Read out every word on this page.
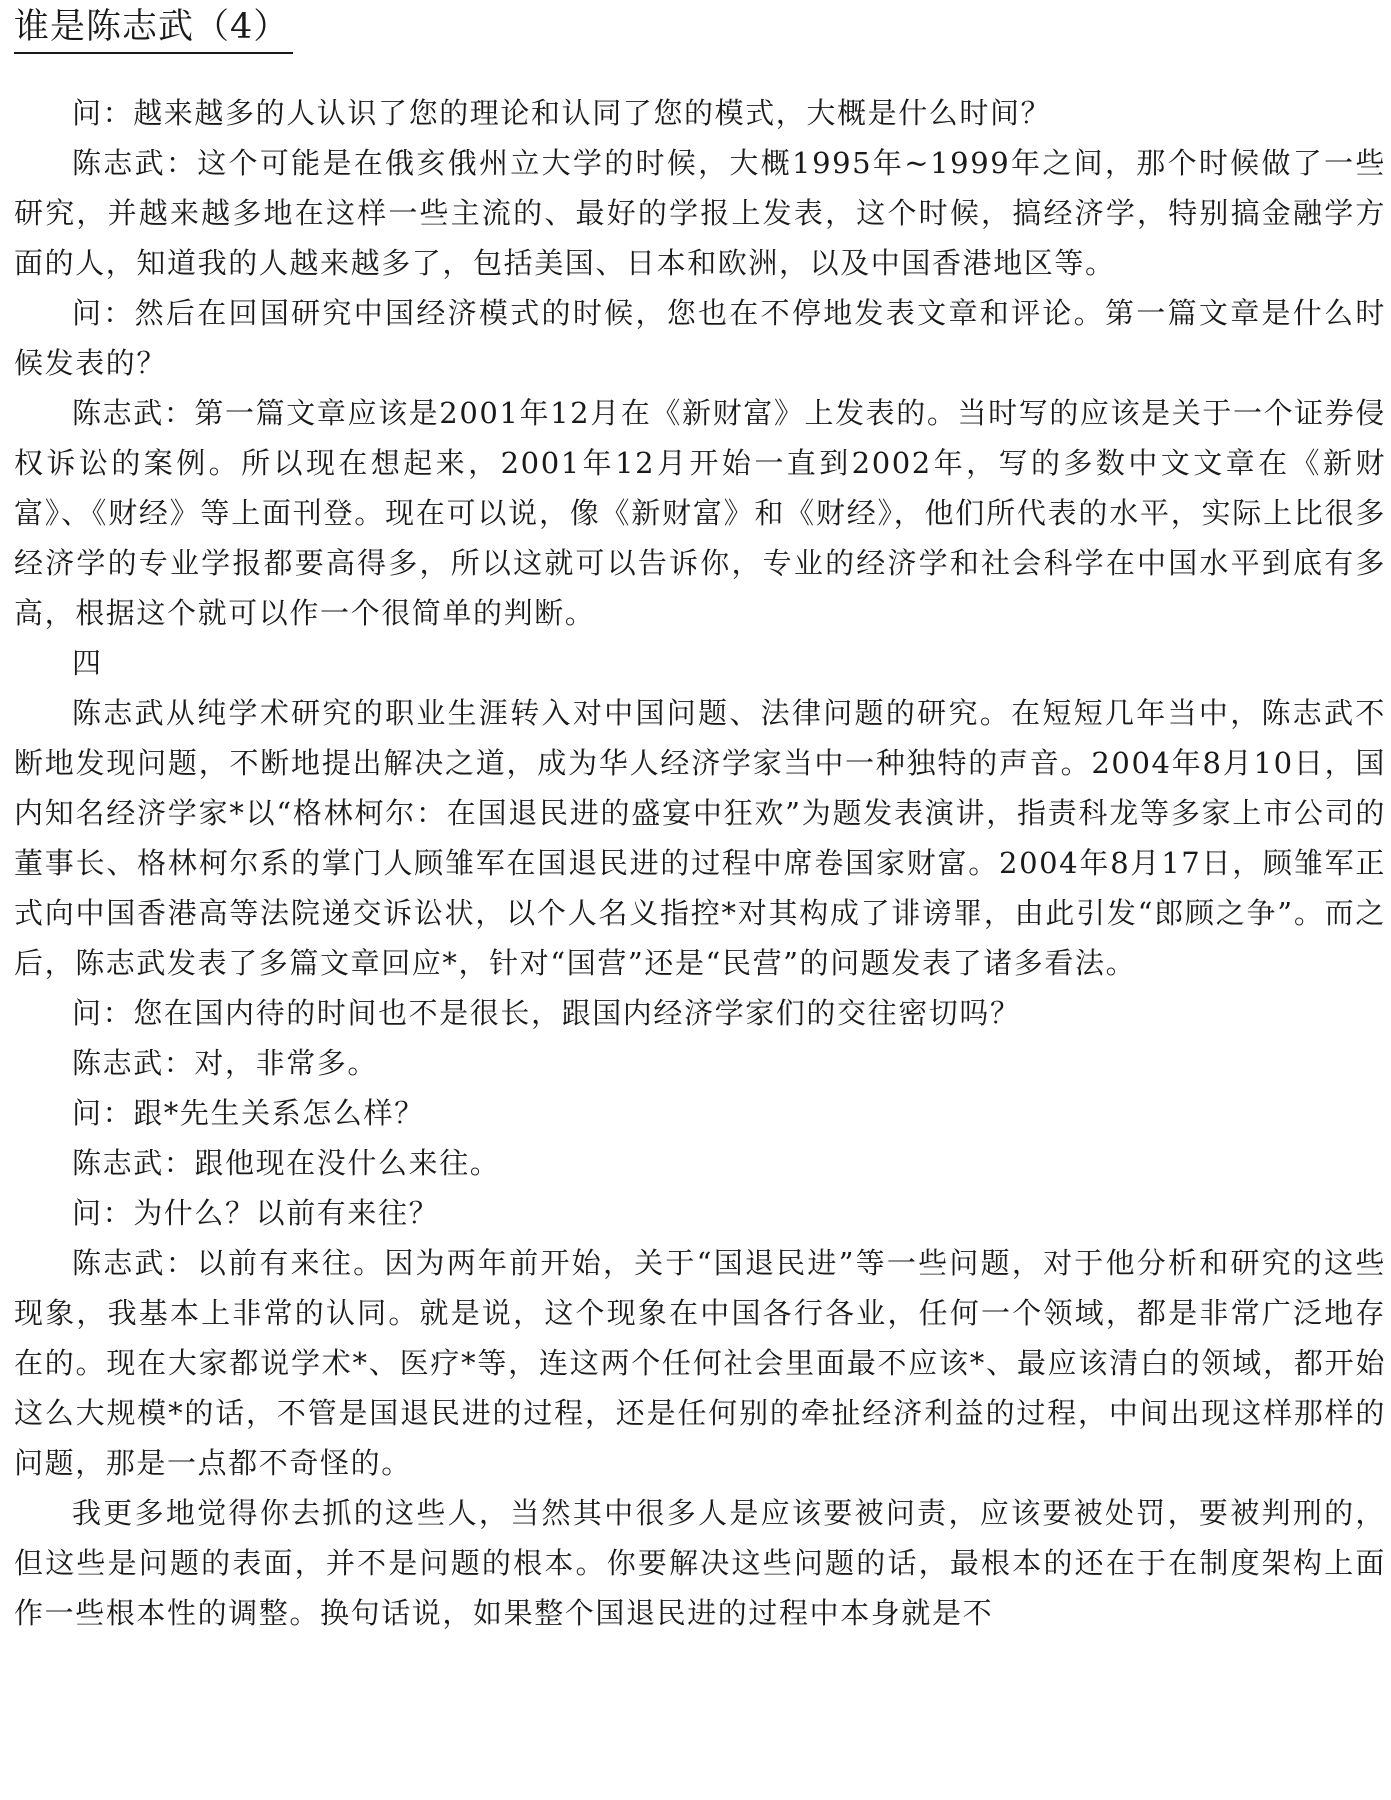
谁是陈志武（4）

问：越来越多的人认识了您的理论和认同了您的模式，大概是什么时间？

陈志武：这个可能是在俄亥俄州立大学的时候，大概1995年~1999年之间，那个时候做了一些研究，并越来越多地在这样一些主流的、最好的学报上发表，这个时候，搞经济学，特别搞金融学方面的人，知道我的人越来越多了，包括美国、日本和欧洲，以及中国香港地区等。

问：然后在回国研究中国经济模式的时候，您也在不停地发表文章和评论。第一篇文章是什么时候发表的？

陈志武：第一篇文章应该是2001年12月在《新财富》上发表的。当时写的应该是关于一个证券侵权诉讼的案例。所以现在想起来，2001年12月开始一直到2002年，写的多数中文文章在《新财富》、《财经》等上面刊登。现在可以说，像《新财富》和《财经》，他们所代表的水平，实际上比很多经济学的专业学报都要高得多，所以这就可以告诉你，专业的经济学和社会科学在中国水平到底有多高，根据这个就可以作一个很简单的判断。

四

陈志武从纯学术研究的职业生涯转入对中国问题、法律问题的研究。在短短几年当中，陈志武不断地发现问题，不断地提出解决之道，成为华人经济学家当中一种独特的声音。2004年8月10日，国内知名经济学家*以“格林柯尔：在国退民进的盛宴中狂欢”为题发表演讲，指责科龙等多家上市公司的董事长、格林柯尔系的掌门人顾雏军在国退民进的过程中席卷国家财富。2004年8月17日，顾雏军正式向中国香港高等法院递交诉讼状，以个人名义指控*对其构成了诽谤罪，由此引发“郎顾之争”。而之后，陈志武发表了多篇文章回应*，针对“国营”还是“民营”的问题发表了诸多看法。

问：您在国内待的时间也不是很长，跟国内经济学家们的交往密切吗？

陈志武：对，非常多。

问：跟*先生关系怎么样？

陈志武：跟他现在没什么来往。

问：为什么？以前有来往？

陈志武：以前有来往。因为两年前开始，关于“国退民进”等一些问题，对于他分析和研究的这些现象，我基本上非常的认同。就是说，这个现象在中国各行各业，任何一个领域，都是非常广泛地存在的。现在大家都说学术*、医疗*等，连这两个任何社会里面最不应该*、最应该清白的领域，都开始这么大规模*的话，不管是国退民进的过程，还是任何别的牵扯经济利益的过程，中间出现这样那样的问题，那是一点都不奇怪的。

我更多地觉得你去抓的这些人，当然其中很多人是应该要被问责，应该要被处罚，要被判刑的，但这些是问题的表面，并不是问题的根本。你要解决这些问题的话，最根本的还在于在制度架构上面作一些根本性的调整。换句话说，如果整个国退民进的过程中本身就是不
